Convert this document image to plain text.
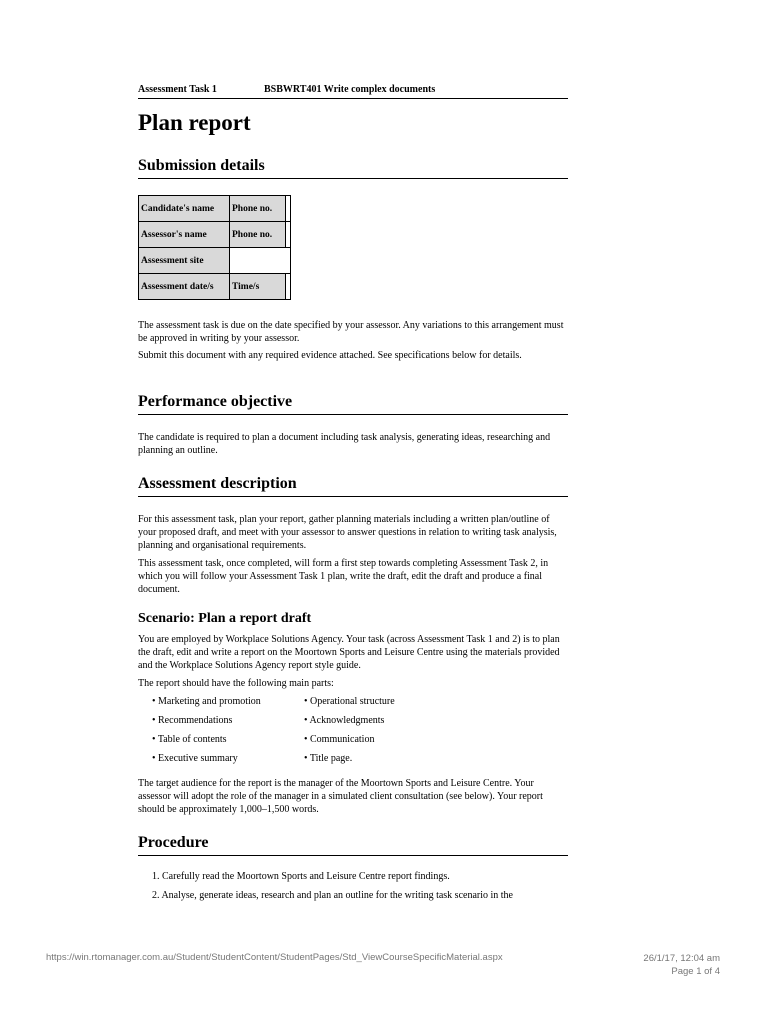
Assessment Task 1	BSBWRT401 Write complex documents
Plan report
Submission details
Candidate's name	Phone no.	
Assessor's name	Phone no.	
Assessment site		
Assessment date/s	Time/s	

The assessment task is due on the date specified by your assessor. Any variations to this arrangement must be approved in writing by your assessor.

Submit this document with any required evidence attached. See specifications below for details.

Performance objective

The candidate is required to plan a document including task analysis, generating ideas, researching and planning an outline.

Assessment description

For this assessment task, plan your report, gather planning materials including a written plan/outline of your proposed draft, and meet with your assessor to answer questions in relation to writing task analysis, planning and organisational requirements.

This assessment task, once completed, will form a first step towards completing Assessment Task 2, in which you will follow your Assessment Task 1 plan, write the draft, edit the draft and produce a final document.

Scenario: Plan a report draft

You are employed by Workplace Solutions Agency. Your task (across Assessment Task 1 and 2) is to plan the draft, edit and write a report on the Moortown Sports and Leisure Centre using the materials provided and the Workplace Solutions Agency report style guide.

The report should have the following main parts:

• Marketing and promotion
• Recommendations
• Table of contents
• Executive summary
• Operational structure
• Acknowledgments
• Communication
• Title page.

The target audience for the report is the manager of the Moortown Sports and Leisure Centre. Your assessor will adopt the role of the manager in a simulated client consultation (see below). Your report should be approximately 1,000–1,500 words.

Procedure
1. Carefully read the Moortown Sports and Leisure Centre report findings.
2. Analyse, generate ideas, research and plan an outline for the writing task scenario in the
https://win.rtomanager.com.au/Student/StudentContent/StudentPages/Std_ViewCourseSpecificMaterial.aspx	26/1/17, 12:04 am
Page 1 of 4
